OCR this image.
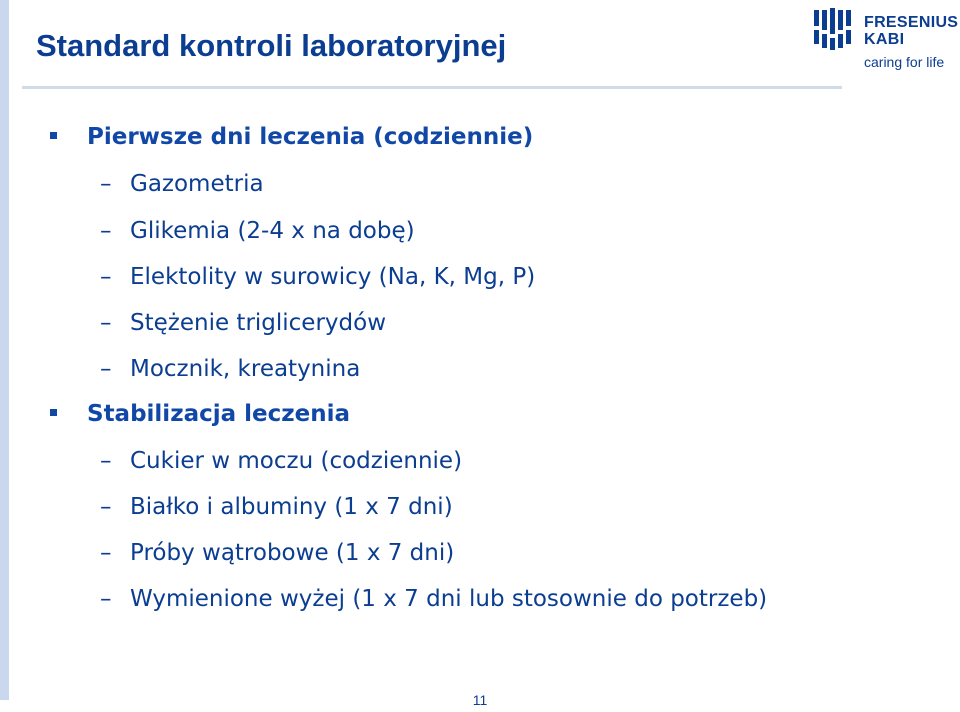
Standard kontroli laboratoryjnej
FRESENIUS
KABI
caring for life
Pierwsze dni leczenia (codziennie)
– Gazometria
– Glikemia (2-4 x na dobę)
– Elektolity w surowicy (Na, K, Mg, P)
– Stężenie triglicerydów
– Mocznik, kreatynina
Stabilizacja leczenia
– Cukier w moczu (codziennie)
– Białko i albuminy (1 x 7 dni)
– Próby wątrobowe (1 x 7 dni)
– Wymienione wyżej (1 x 7 dni lub stosownie do potrzeb)
11
